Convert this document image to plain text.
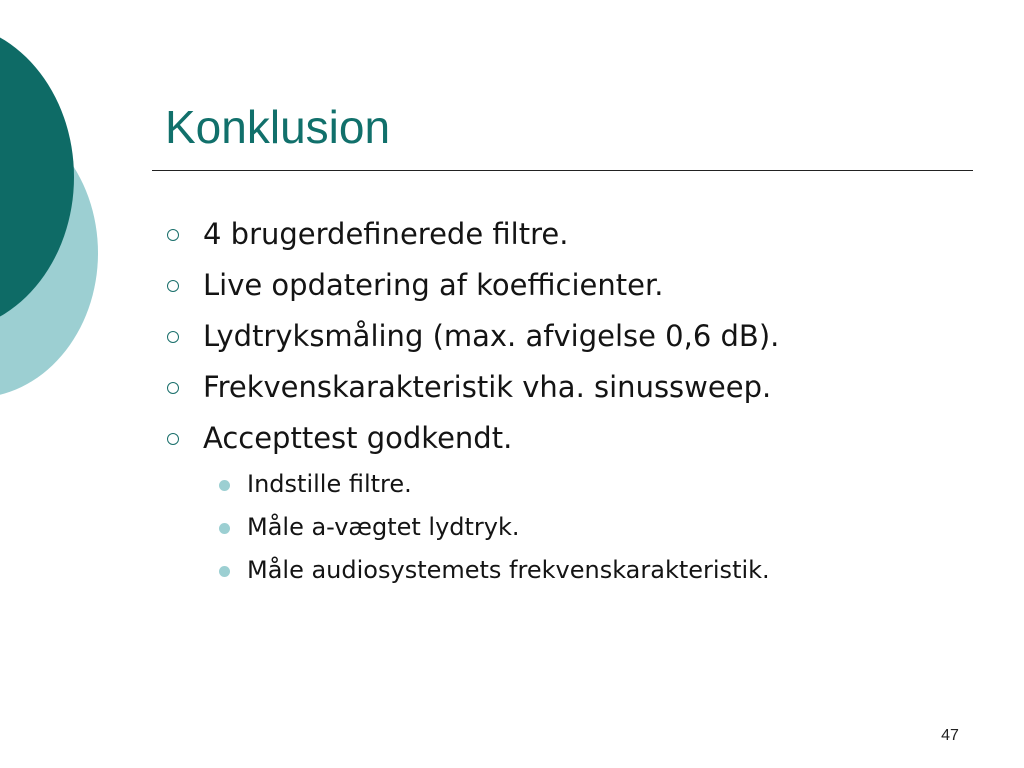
Konklusion
4 brugerdefinerede filtre.
Live opdatering af koefficienter.
Lydtryksmåling (max. afvigelse 0,6 dB).
Frekvenskarakteristik vha. sinussweep.
Accepttest godkendt.
Indstille filtre.
Måle a-vægtet lydtryk.
Måle audiosystemets frekvenskarakteristik.
47
